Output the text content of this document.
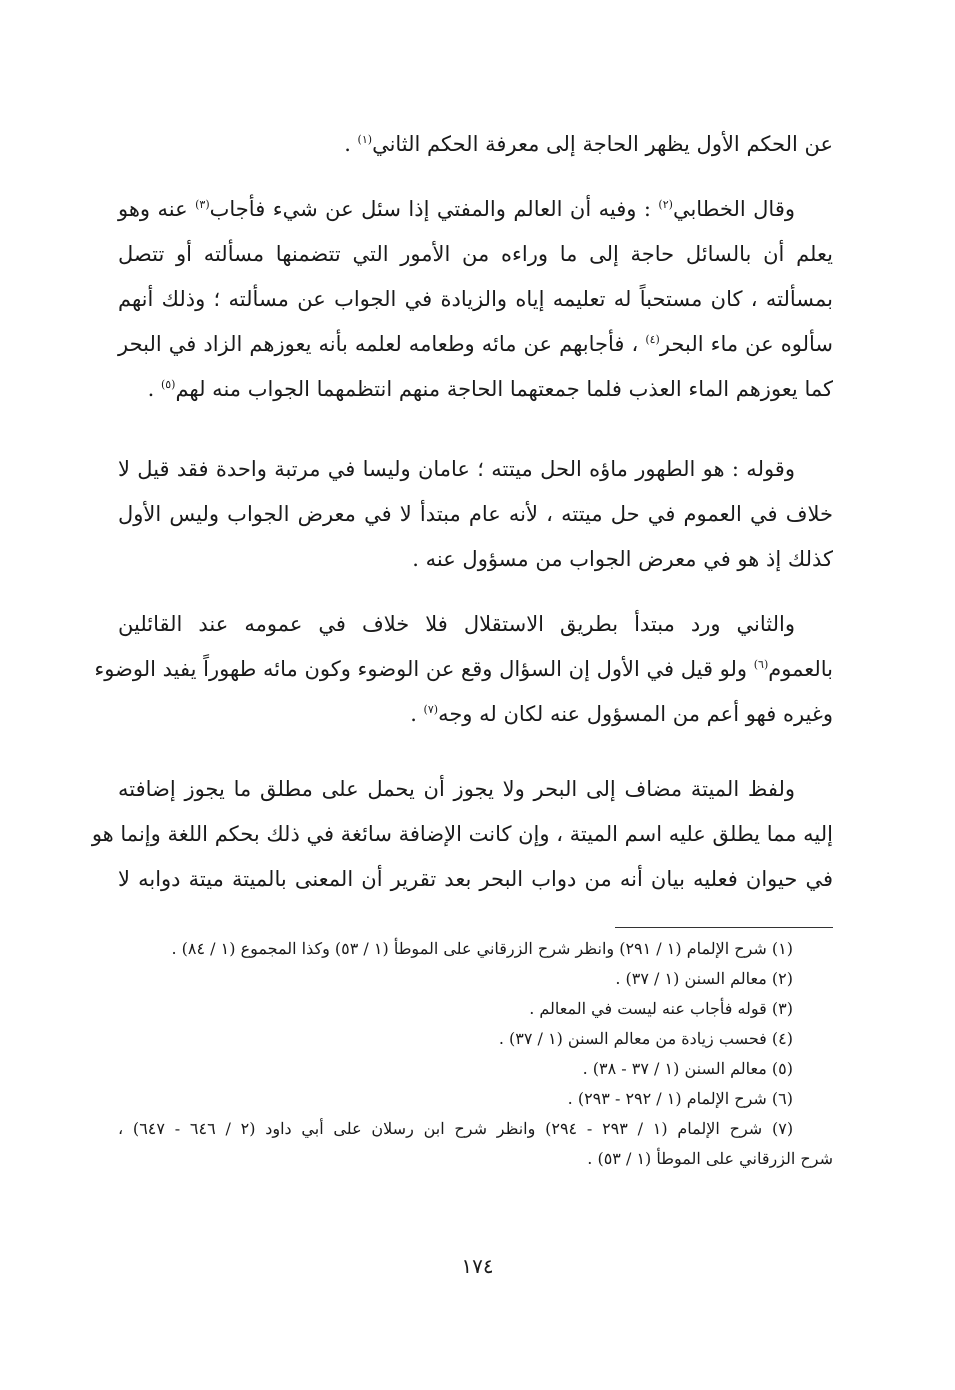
عن الحكم الأول يظهر الحاجة إلى معرفة الحكم الثاني$^{(١)}$ .
وقال الخطابي$^{(٢)}$ : وفيه أن العالم والمفتي إذا سئل عن شيء فأجاب$^{(٣)}$ عنه وهو
يعلم أن بالسائل حاجة إلى ما وراءه من الأمور التي تتضمنها مسألته أو تتصل
بمسألته ، كان مستحباً له تعليمه إياه والزيادة في الجواب عن مسألته ؛ وذلك أنهم
سألوه عن ماء البحر$^{(٤)}$ ، فأجابهم عن مائه وطعامه لعلمه بأنه يعوزهم الزاد في البحر
كما يعوزهم الماء العذب فلما جمعتهما الحاجة منهم انتظمهما الجواب منه لهم$^{(٥)}$ .
وقوله : هو الطهور ماؤه الحل ميتته ؛ عامان وليسا في مرتبة واحدة فقد قيل لا
خلاف في العموم في حل ميتته ، لأنه عام مبتدأ لا في معرض الجواب وليس الأول
كذلك إذ هو في معرض الجواب من مسؤول عنه .
والثاني ورد مبتدأ بطريق الاستقلال فلا خلاف في عمومه عند القائلين
بالعموم$^{(٦)}$ ولو قيل في الأول إن السؤال وقع عن الوضوء وكون مائه طهوراً يفيد الوضوء
وغيره فهو أعم من المسؤول عنه لكان له وجه$^{(٧)}$ .
ولفظ الميتة مضاف إلى البحر ولا يجوز أن يحمل على مطلق ما يجوز إضافته
إليه مما يطلق عليه اسم الميتة ، وإن كانت الإضافة سائغة في ذلك بحكم اللغة وإنما هو
في حيوان فعليه بيان أنه من دواب البحر بعد تقرير أن المعنى بالميتة ميتة دوابه لا
(١) شرح الإلمام (١ / ٢٩١) وانظر شرح الزرقاني على الموطأ (١ / ٥٣) وكذا المجموع (١ / ٨٤) .
(٢) معالم السنن (١ / ٣٧) .
(٣) قوله فأجاب عنه ليست في المعالم .
(٤) فحسب زيادة من معالم السنن (١ / ٣٧) .
(٥) معالم السنن (١ / ٣٧ - ٣٨) .
(٦) شرح الإلمام (١ / ٢٩٢ - ٢٩٣) .
(٧) شرح الإلمام (١ / ٢٩٣ - ٢٩٤) وانظر شرح ابن رسلان على أبي داود (٢ / ٦٤٦ - ٦٤٧) ،
شرح الزرقاني على الموطأ (١ / ٥٣) .
١٧٤
